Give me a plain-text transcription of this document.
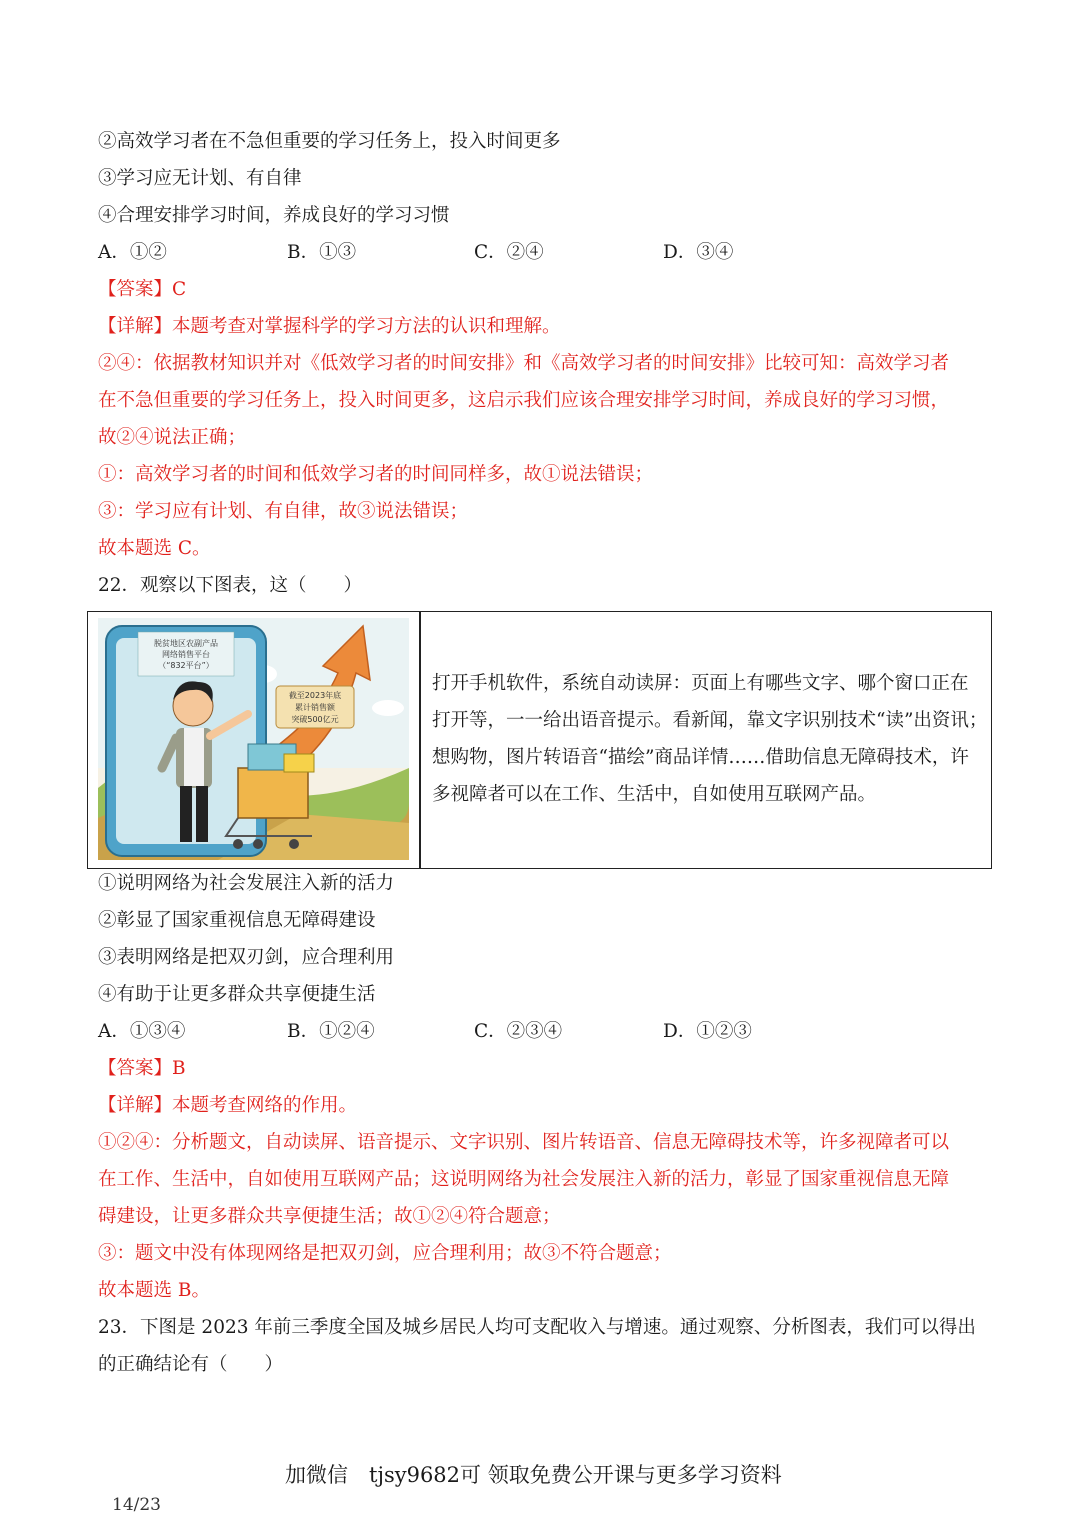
②高效学习者在不急但重要的学习任务上，投入时间更多
③学习应无计划、有自律
④合理安排学习时间，养成良好的学习习惯
A．①②	B．①③	C．②④	D．③④
【答案】C
【详解】本题考查对掌握科学的学习方法的认识和理解。
②④：依据教材知识并对《低效学习者的时间安排》和《高效学习者的时间安排》比较可知：高效学习者
在不急但重要的学习任务上，投入时间更多，这启示我们应该合理安排学习时间，养成良好的学习习惯，
故②④说法正确；
①：高效学习者的时间和低效学习者的时间同样多，故①说法错误；
③：学习应有计划、有自律，故③说法错误；
故本题选 C。
22．观察以下图表，这（　　）
脱贫地区农副产品
网络销售平台
（“832平台”）
截至2023年底
累计销售额
突破500亿元
打开手机软件，系统自动读屏：页面上有哪些文字、哪个窗口正在
打开等，一一给出语音提示。看新闻，靠文字识别技术“读”出资讯；
想购物，图片转语音“描绘”商品详情……借助信息无障碍技术，许
多视障者可以在工作、生活中，自如使用互联网产品。
①说明网络为社会发展注入新的活力
②彰显了国家重视信息无障碍建设
③表明网络是把双刃剑，应合理利用
④有助于让更多群众共享便捷生活
A．①③④	B．①②④	C．②③④	D．①②③
【答案】B
【详解】本题考查网络的作用。
①②④：分析题文，自动读屏、语音提示、文字识别、图片转语音、信息无障碍技术等，许多视障者可以
在工作、生活中，自如使用互联网产品；这说明网络为社会发展注入新的活力，彰显了国家重视信息无障
碍建设，让更多群众共享便捷生活；故①②④符合题意；
③：题文中没有体现网络是把双刃剑，应合理利用；故③不符合题意；
故本题选 B。
23．下图是 2023 年前三季度全国及城乡居民人均可支配收入与增速。通过观察、分析图表，我们可以得出
的正确结论有（　　）
加微信　tjsy9682可 领取免费公开课与更多学习资料
14/23
